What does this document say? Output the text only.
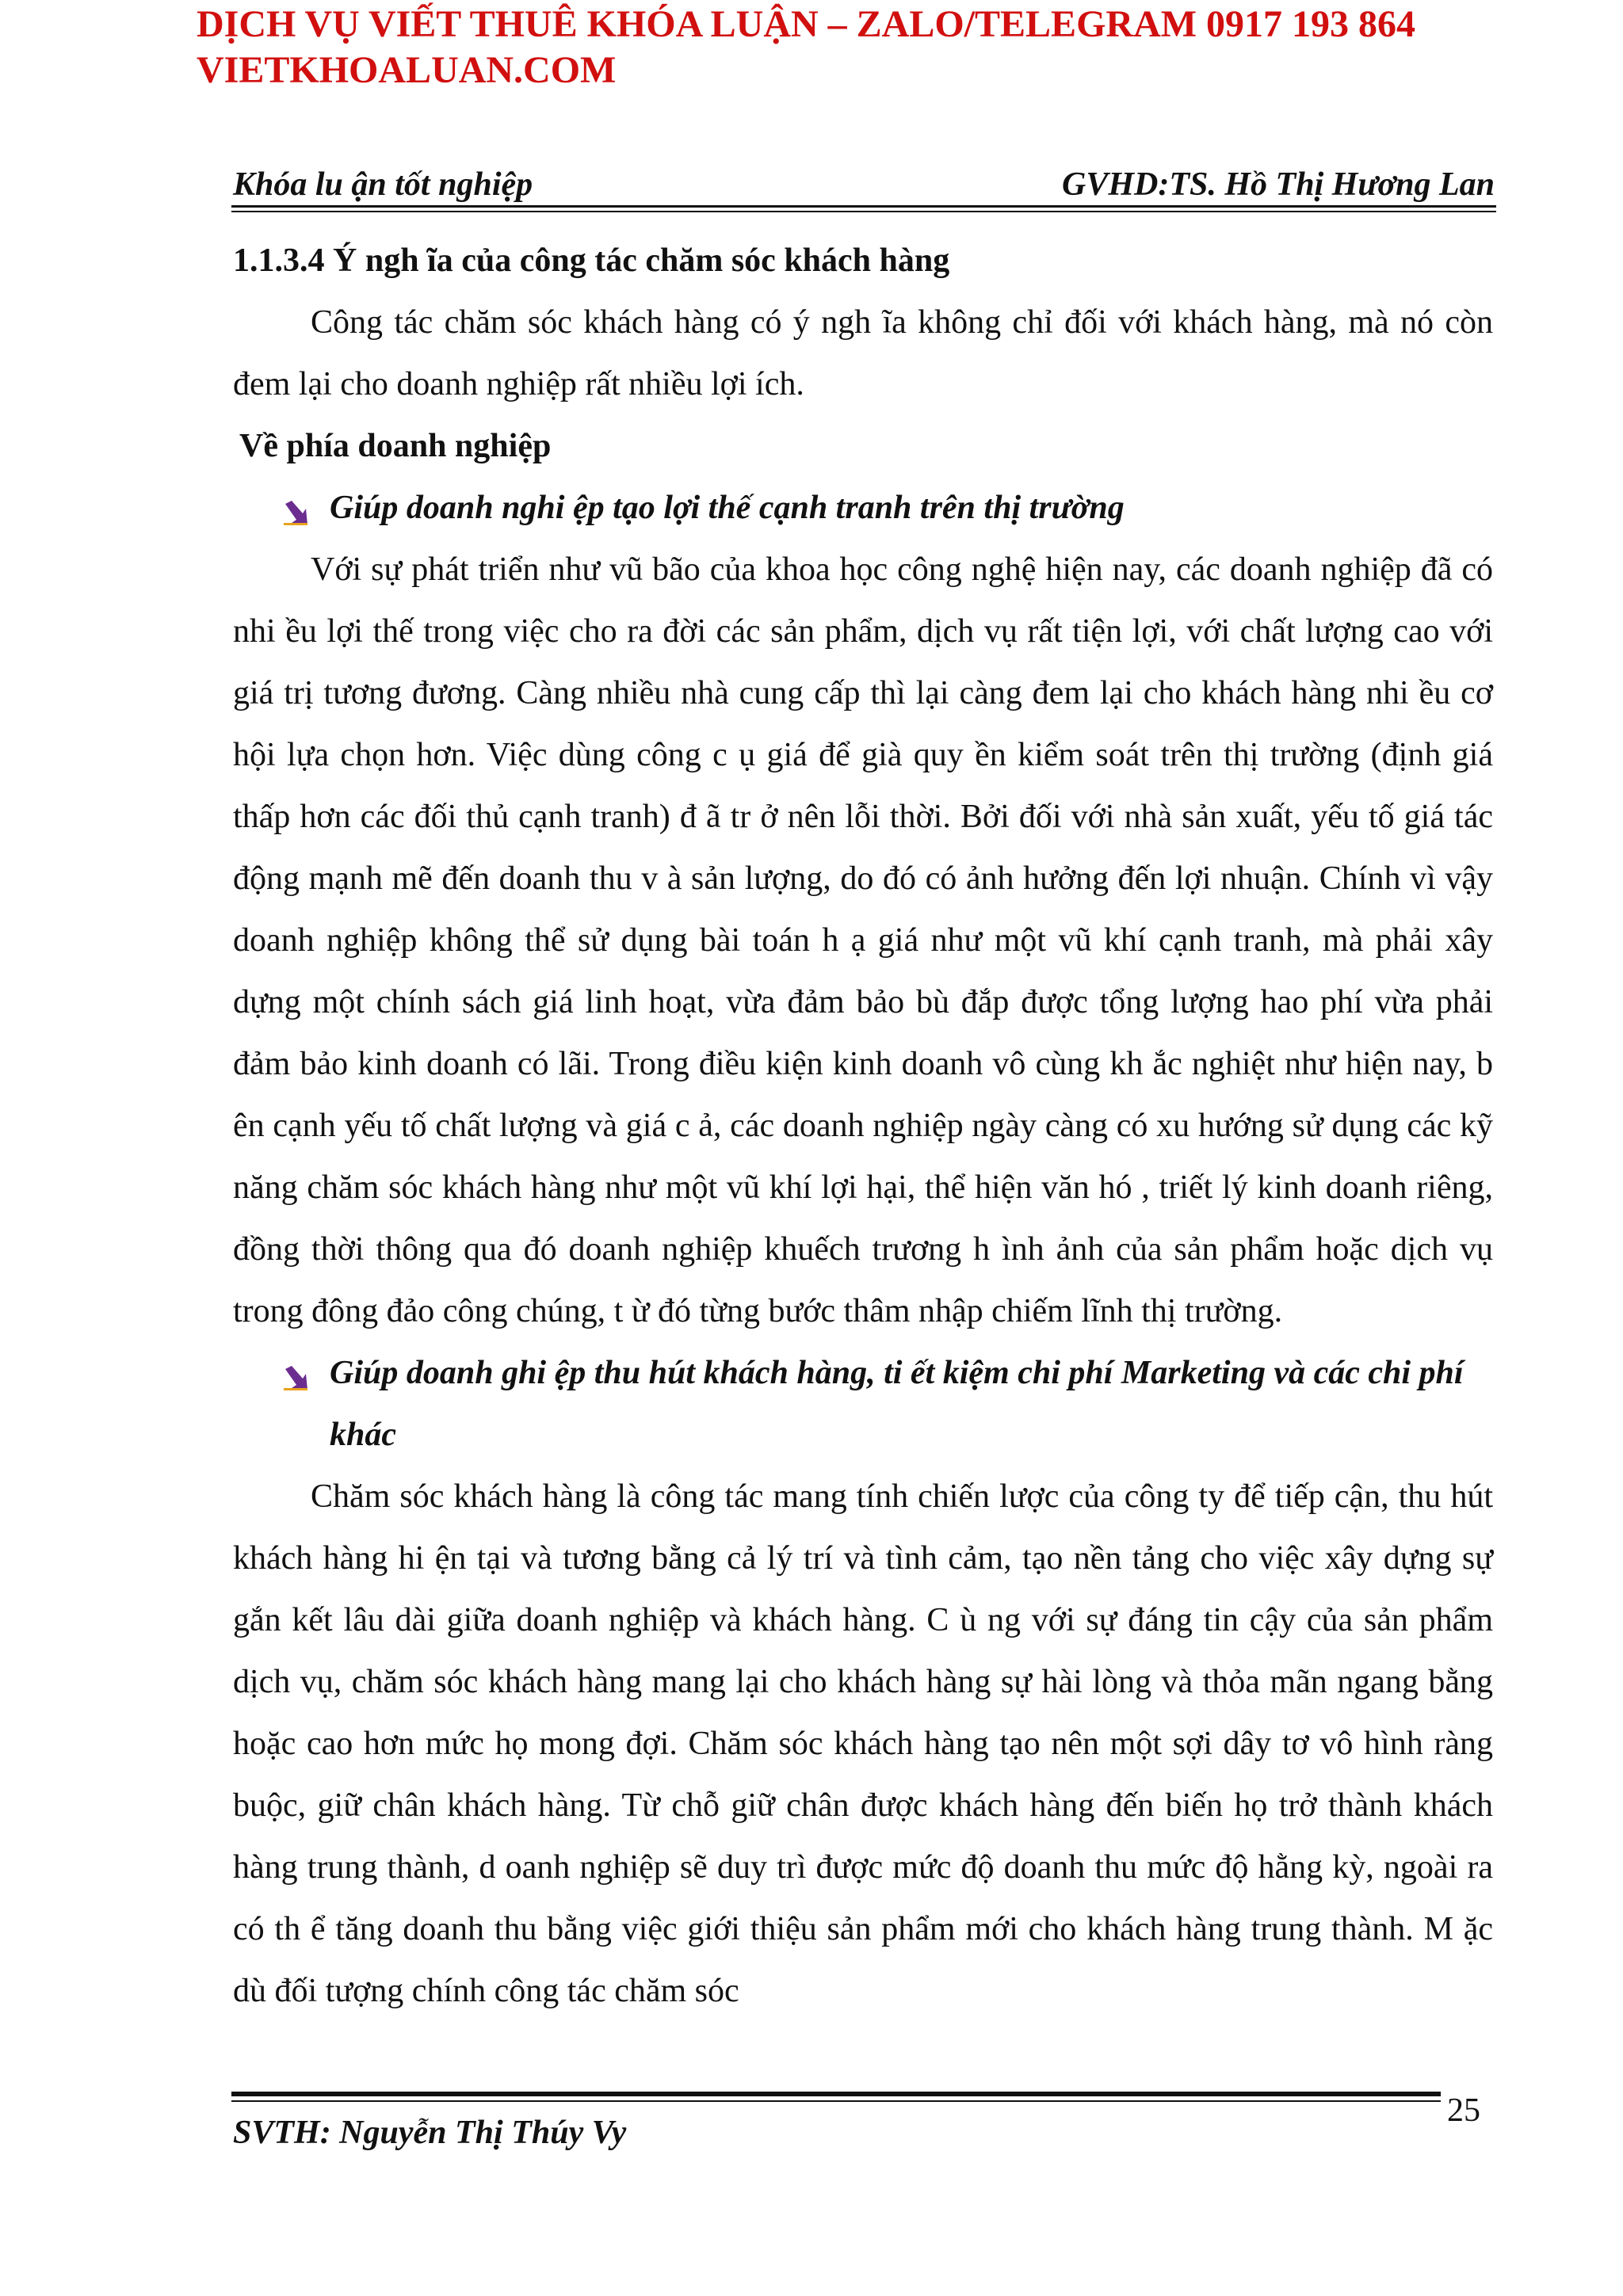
DỊCH VỤ VIẾT THUÊ KHÓA LUẬN – ZALO/TELEGRAM 0917 193 864
VIETKHOALUAN.COM
Khóa lu ận tốt nghiệp	GVHD:TS. Hồ Thị Hương Lan

1.1.3.4 Ý ngh ĩa của công tác chăm sóc khách hàng

Công tác chăm sóc khách hàng có ý ngh ĩa không chỉ đối với khách hàng, mà nó còn đem lại cho doanh nghiệp rất nhiều lợi ích.

Về phía doanh nghiệp

Giúp doanh nghi ệp tạo lợi thế cạnh tranh trên thị trường

Với sự phát triển như vũ bão của khoa học công nghệ hiện nay, các doanh nghiệp đã có nhi ều lợi thế trong việc cho ra đời các sản phẩm, dịch vụ rất tiện lợi, với chất lượng cao với giá trị tương đương. Càng nhiều nhà cung cấp thì lại càng đem lại cho khách hàng nhi ều cơ hội lựa chọn hơn. Việc dùng công c ụ giá để già quy ền kiểm soát trên thị trường (định giá thấp hơn các đối thủ cạnh tranh) đ ã tr ở nên lỗi thời. Bởi đối với nhà sản xuất, yếu tố giá tác động mạnh mẽ đến doanh thu v à sản lượng, do đó có ảnh hưởng đến lợi nhuận. Chính vì vậy doanh nghiệp không thể sử dụng bài toán h ạ giá như một vũ khí cạnh tranh, mà phải xây dựng một chính sách giá linh hoạt, vừa đảm bảo bù đắp được tổng lượng hao phí vừa phải đảm bảo kinh doanh có lãi. Trong điều kiện kinh doanh vô cùng kh ắc nghiệt như hiện nay, b ên cạnh yếu tố chất lượng và giá c ả, các doanh nghiệp ngày càng có xu hướng sử dụng các kỹ năng chăm sóc khách hàng như một vũ khí lợi hại, thể hiện văn hó , triết lý kinh doanh riêng, đồng thời thông qua đó doanh nghiệp khuếch trương h ình ảnh của sản phẩm hoặc dịch vụ trong đông đảo công chúng, t ừ đó từng bước thâm nhập chiếm lĩnh thị trường.

Giúp doanh ghi ệp thu hút khách hàng, ti ết kiệm chi phí Marketing và các chi phí khác

Chăm sóc khách hàng là công tác mang tính chiến lược của công ty để tiếp cận, thu hút khách hàng hi ện tại và tương bằng cả lý trí và tình cảm, tạo nền tảng cho việc xây dựng sự gắn kết lâu dài giữa doanh nghiệp và khách hàng. C ù ng với sự đáng tin cậy của sản phẩm dịch vụ, chăm sóc khách hàng mang lại cho khách hàng sự hài lòng và thỏa mãn ngang bằng hoặc cao hơn mức họ mong đợi. Chăm sóc khách hàng tạo nên một sợi dây tơ vô hình ràng buộc, giữ chân khách hàng. Từ chỗ giữ chân được khách hàng đến biến họ trở thành khách hàng trung thành, d oanh nghiệp sẽ duy trì được mức độ doanh thu mức độ hằng kỳ, ngoài ra có th ể tăng doanh thu bằng việc giới thiệu sản phẩm mới cho khách hàng trung thành. M ặc dù đối tượng chính công tác chăm sóc

25
SVTH: Nguyễn Thị Thúy Vy
